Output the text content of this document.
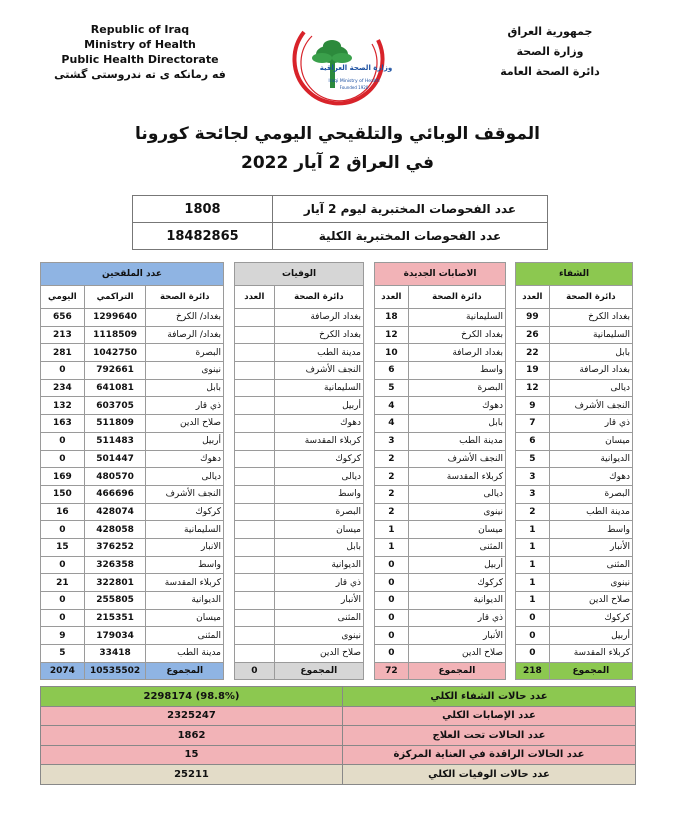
Republic of Iraq
Ministry of Health
Public Health Directorate
فه رمانكه ى ته ندروستى گشتى	وزارة الصحة العراقية
Iraqi Ministry of Health
Founded 1920
جمهورية العراق
وزارة الصحة
دائرة الصحة العامة
الموقف الوبائي والتلقيحي اليومي لجائحة كورونا
في العراق 2 آيار 2022
1808	عدد الفحوصات المختبرية ليوم 2 آيار
18482865	عدد الفحوصات المختبرية الكلية
عدد الملقحين		
اليومي	التراكمي	دائرة الصحة
656	1299640	بغداد/ الكرخ
213	1118509	بغداد/ الرصافة
281	1042750	البصرة
0	792661	نينوى
234	641081	بابل
132	603705	ذي قار
163	511809	صلاح الدين
0	511483	أربيل
0	501447	دهوك
169	480570	ديالى
150	466696	النجف الأشرف
16	428074	كركوك
0	428058	السليمانية
15	376252	الانبار
0	326358	واسط
21	322801	كربلاء المقدسة
0	255805	الديوانية
0	215351	ميسان
9	179034	المثنى
5	33418	مدينة الطب
2074	10535502	المجموع
الوفيات	
العدد	دائرة الصحة
	بغداد الرصافة
	بغداد الكرخ
	مدينة الطب
	النجف الأشرف
	السليمانية
	أربيل
	دهوك
	كربلاء المقدسة
	كركوك
	ديالى
	واسط
	البصرة
	ميسان
	بابل
	الديوانية
	ذي قار
	الأنبار
	المثنى
	نينوى
	صلاح الدين
0	المجموع
الاصابات الجديدة	
العدد	دائرة الصحة
18	السليمانية
12	بغداد الكرخ
10	بغداد الرصافة
6	واسط
5	البصرة
4	دهوك
4	بابل
3	مدينة الطب
2	النجف الأشرف
2	كربلاء المقدسة
2	ديالى
2	نينوى
1	ميسان
1	المثنى
0	أربيل
0	كركوك
0	الديوانية
0	ذي قار
0	الأنبار
0	صلاح الدين
72	المجموع
الشفاء	
العدد	دائرة الصحة
99	بغداد الكرخ
26	السليمانية
22	بابل
19	بغداد الرصافة
12	ديالى
9	النجف الأشرف
7	ذي قار
6	ميسان
5	الديوانية
3	دهوك
3	البصرة
2	مدينة الطب
1	واسط
1	الأنبار
1	المثنى
1	نينوى
1	صلاح الدين
0	كركوك
0	أربيل
0	كربلاء المقدسة
218	المجموع
2298174 (98.8%)	عدد حالات الشفاء الكلي
2325247	عدد الإصابات الكلي
1862	عدد الحالات تحت العلاج
15	عدد الحالات الراقدة في العناية المركزة
25211	عدد حالات الوفيات الكلي
